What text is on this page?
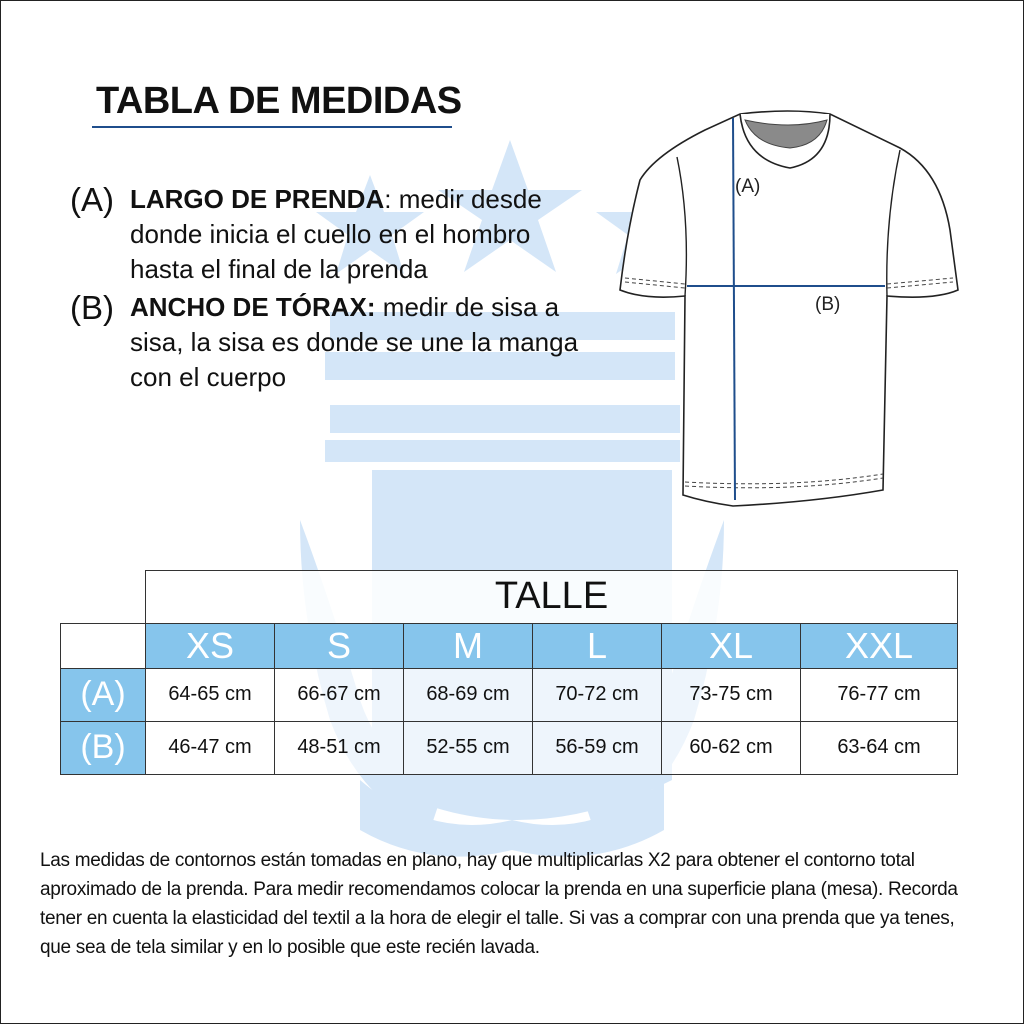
TABLA DE MEDIDAS
(A) LARGO DE PRENDA: medir desde donde inicia el cuello en el hombro hasta el final de la prenda
(B) ANCHO DE TÓRAX: medir de sisa a sisa, la sisa es donde se une la manga con el cuerpo
(A)
(B)
	TALLE					
	XS	S	M	L	XL	XXL
(A)	64-65 cm	66-67 cm	68-69 cm	70-72 cm	73-75 cm	76-77 cm
(B)	46-47 cm	48-51 cm	52-55 cm	56-59 cm	60-62 cm	63-64 cm
Las medidas de contornos están tomadas en plano, hay que multiplicarlas X2 para obtener el contorno total aproximado de la prenda. Para medir recomendamos colocar la prenda en una superficie plana (mesa). Recorda tener en cuenta la elasticidad del textil a la hora de elegir el talle. Si vas a comprar con una prenda que ya tenes, que sea de tela similar y en lo posible que este recién lavada.
